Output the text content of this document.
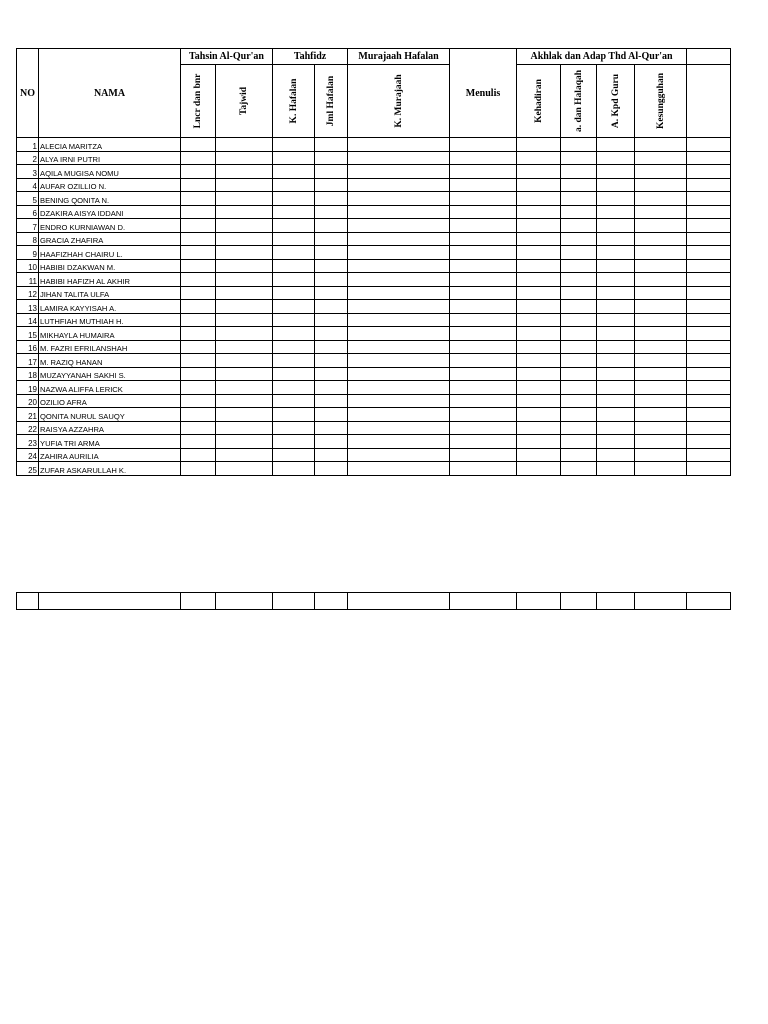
NO	NAMA	Tahsin Al-Qur'an		Tahfidz		Murajaah Hafalan	Menulis	Akhlak dan Adap Thd Al-Qur'an				

		Lncr dan bnr	Tajwid	K. Hafalan	Jml Hafalan	K. Murajaah		Kehadiran	a. dan Halaqah	A. Kpd Guru	Kesungguhan	

1	ALECIA MARITZA											
2	ALYA IRNI PUTRI											
3	AQILA MUGISA NOMU											
4	AUFAR OZILLIO N.											
5	BENING QONITA N.											
6	DZAKIRA AISYA IDDANI											
7	ENDRO KURNIAWAN D.											
8	GRACIA ZHAFIRA											
9	HAAFIZHAH CHAIRU L.											
10	HABIBI DZAKWAN M.											
11	HABIBI HAFIZH AL AKHIR											
12	JIHAN TALITA ULFA											
13	LAMIRA KAYYISAH A.											
14	LUTHFIAH MUTHIAH H.											
15	MIKHAYLA HUMAIRA											
16	M. FAZRI EFRILANSHAH											
17	M. RAZIQ HANAN											
18	MUZAYYANAH SAKHI S.											
19	NAZWA ALIFFA LERICK											
20	OZILIO AFRA											
21	QONITA NURUL SAUQY											
22	RAISYA AZZAHRA											
23	YUFIA TRI ARMA											
24	ZAHIRA AURILIA											
25	ZUFAR ASKARULLAH K.											
